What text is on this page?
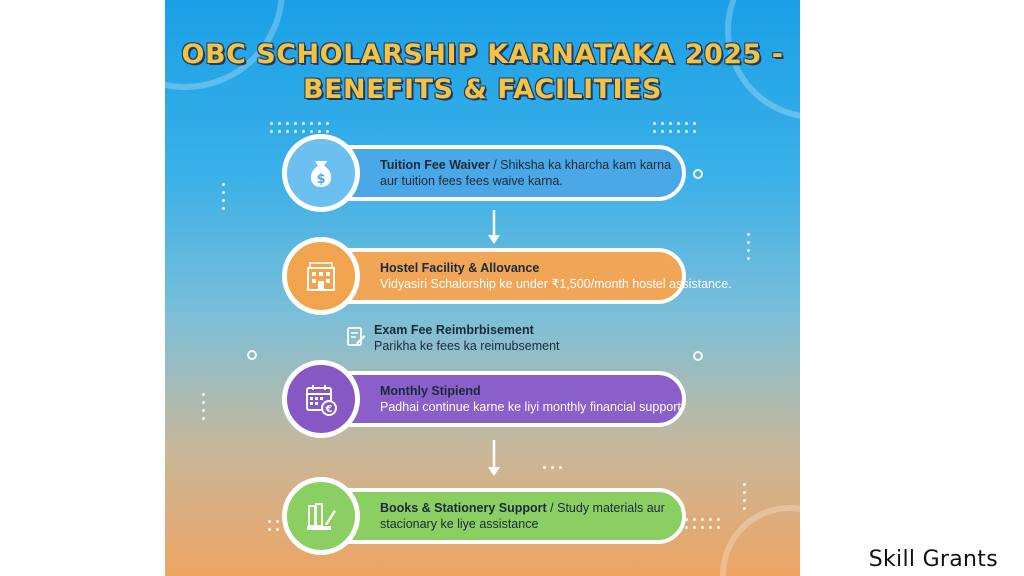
OBC SCHOLARSHIP KARNATAKA 2025 -
BENEFITS & FACILITIES
Tuition Fee Waiver / Shiksha ka kharcha kam karna
aur tuition fees fees waive karna.
$
Hostel Facility & Allovance
Vidyasiri Schalorship ke under ₹1,500/month hostel assistance.
Exam Fee Reimbrbisement
Parikha ke fees ka reimubsement
Monthly Stipiend
Padhai continue karne ke liyi monthly financial support
€
Books & Stationery Support / Study materials aur
stacionary ke liye assistance
Skill Grants
